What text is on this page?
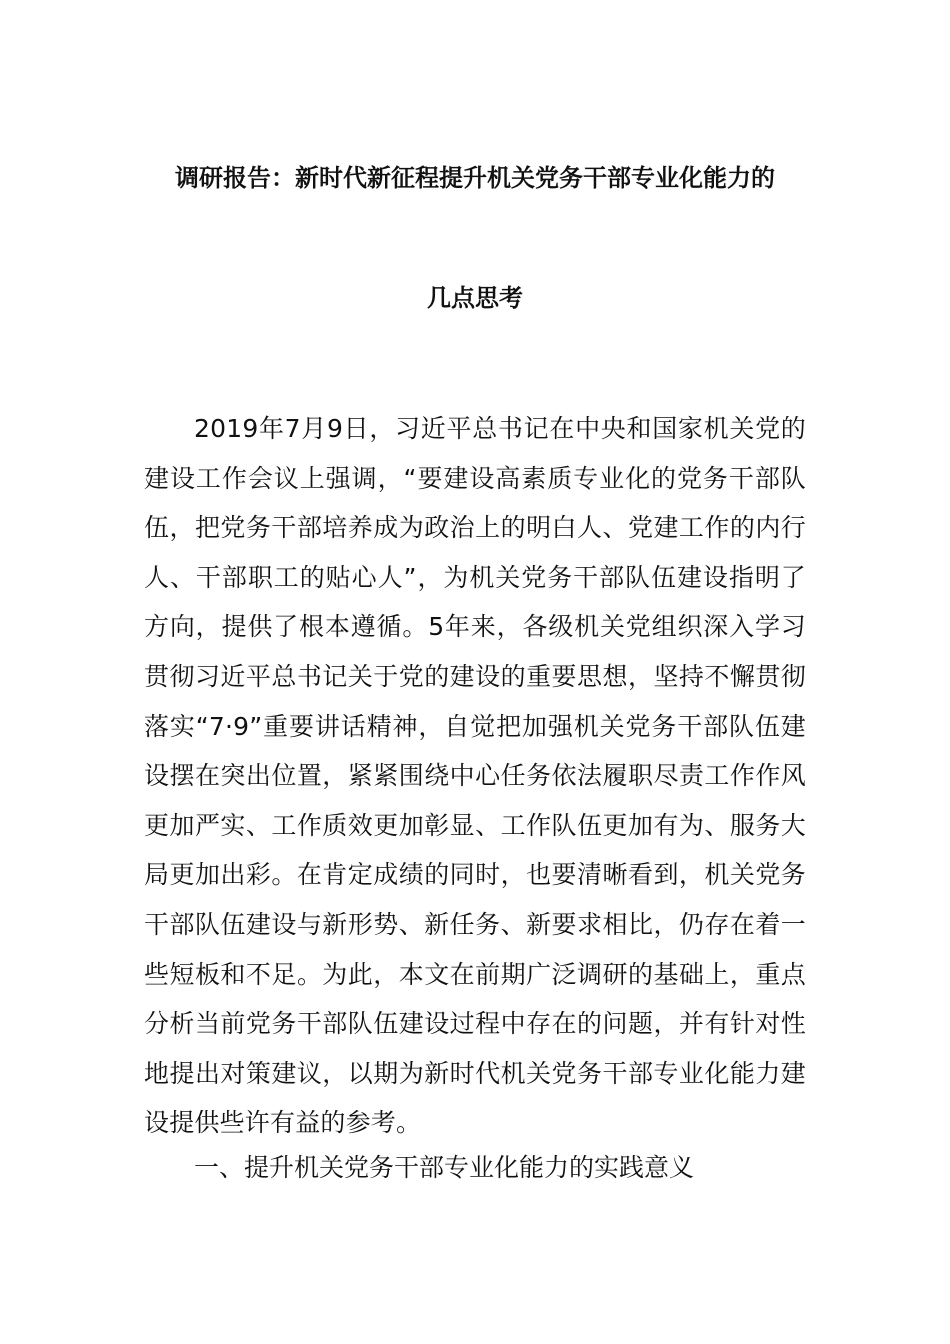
调研报告：新时代新征程提升机关党务干部专业化能力的
几点思考

2019年7月9日，习近平总书记在中央和国家机关党的建设工作会议上强调，“要建设高素质专业化的党务干部队伍，把党务干部培养成为政治上的明白人、党建工作的内行人、干部职工的贴心人”，为机关党务干部队伍建设指明了方向，提供了根本遵循。5年来，各级机关党组织深入学习贯彻习近平总书记关于党的建设的重要思想，坚持不懈贯彻落实“7·9”重要讲话精神，自觉把加强机关党务干部队伍建设摆在突出位置，紧紧围绕中心任务依法履职尽责工作作风更加严实、工作质效更加彰显、工作队伍更加有为、服务大局更加出彩。在肯定成绩的同时，也要清晰看到，机关党务干部队伍建设与新形势、新任务、新要求相比，仍存在着一些短板和不足。为此，本文在前期广泛调研的基础上，重点分析当前党务干部队伍建设过程中存在的问题，并有针对性地提出对策建议，以期为新时代机关党务干部专业化能力建设提供些许有益的参考。

一、提升机关党务干部专业化能力的实践意义
